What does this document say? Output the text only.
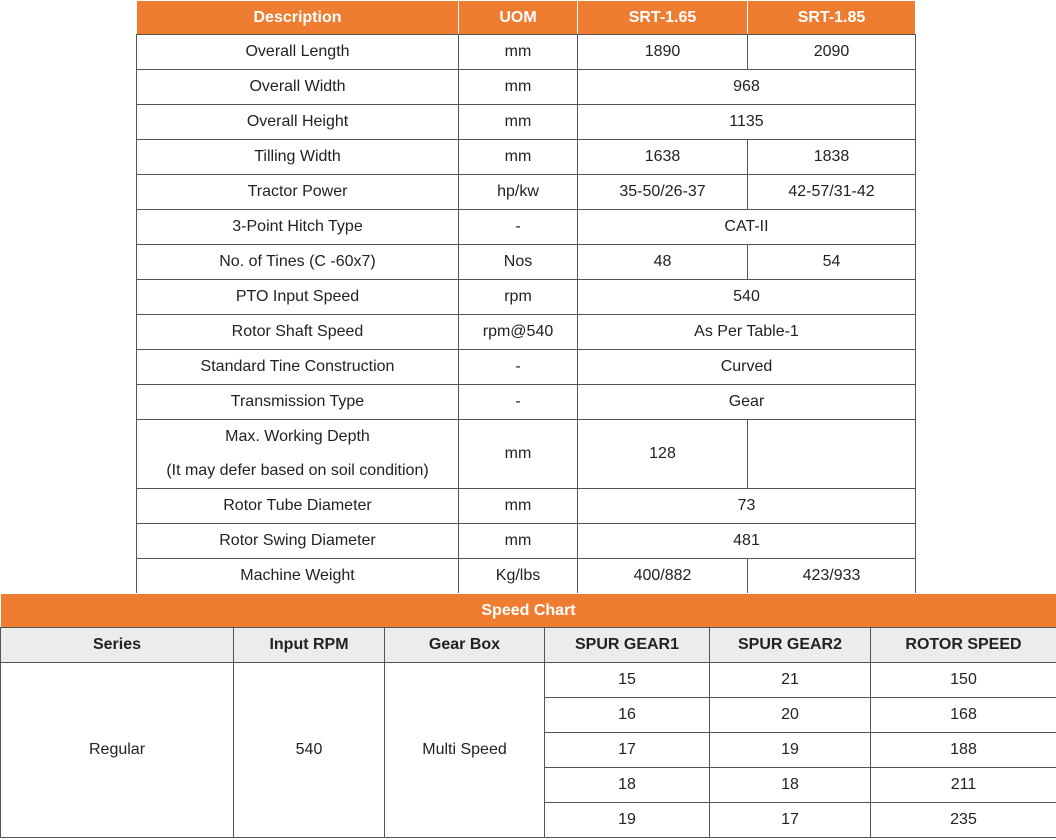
Description	UOM	SRT-1.65	SRT-1.85
Overall Length	mm	1890	2090
Overall Width	mm	968	
Overall Height	mm	1135	
Tilling Width	mm	1638	1838
Tractor Power	hp/kw	35-50/26-37	42-57/31-42
3-Point Hitch Type	-	CAT-II	
No. of Tines (C -60x7)	Nos	48	54
PTO Input Speed	rpm	540	
Rotor Shaft Speed	rpm@540	As Per Table-1	
Standard Tine Construction	-	Curved	
Transmission Type	-	Gear	

Max. Working Depth
(It may defer based on soil condition)	mm	128	
Rotor Tube Diameter	mm	73	
Rotor Swing Diameter	mm	481	
Machine Weight	Kg/lbs	400/882	423/933
Speed Chart					
Series	Input RPM	Gear Box	SPUR GEAR1	SPUR GEAR2	ROTOR SPEED
Regular	540	Multi Speed	15	21	150
			16	20	168
			17	19	188
			18	18	211
			19	17	235
